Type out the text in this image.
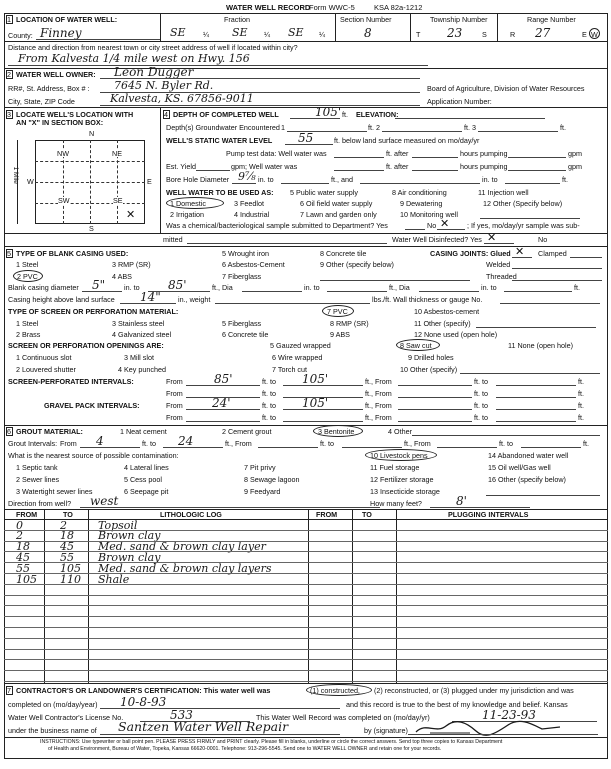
WATER WELL RECORD
Form WWC-5	KSA 82a-1212
1 LOCATION OF WATER WELL:
County: Finney
Fraction
SE ¼ SE ¼ SE ¼
Section Number
8
Township Number
T 23	S
Range Number
R 27	E W
Distance and direction from nearest town or city street address of well if located within city?
From Kalvesta 1/4 mile west on Hwy. 156
2 WATER WELL OWNER: Leon Dugger
RR#, St. Address, Box # : 7645 N. Byler Rd.
City, State, ZIP Code	Kalvesta, KS. 67856-9011
Board of Agriculture, Division of Water Resources
Application Number:
3 LOCATE WELL'S LOCATION WITH
AN "X" IN SECTION BOX:
N
S
W	E
1 Mile
NW	NE
SW	SE
✕
4 DEPTH OF COMPLETED WELL	105' ft. ELEVATION:
Depth(s) Groundwater Encountered 1	ft. 2	ft. 3	ft.
WELL'S STATIC WATER LEVEL 55	ft. below land surface measured on mo/day/yr
Pump test data: Well water was	ft. after	hours pumping	gpm
Est. Yield	gpm; Well water was	ft. after	hours pumping	gpm
Bore Hole Diameter 9⅞ in. to	ft., and	in. to	ft.
WELL WATER TO BE USED AS: 5 Public water supply	8 Air conditioning	11 Injection well
1 Domestic	3 Feedlot	6 Oil field water supply	9 Dewatering	12 Other (Specify below)
2 Irrigation	4 Industrial	7 Lawn and garden only	10 Monitoring well
Was a chemical/bacteriological sample submitted to Department? Yes	No ✕ ; If yes, mo/day/yr sample was sub-
mitted	Water Well Disinfected? Yes ✕	No
5 TYPE OF BLANK CASING USED:	5 Wrought iron	8 Concrete tile	CASING JOINTS: Glued ✕ Clamped
1 Steel	3 RMP (SR)	6 Asbestos-Cement	9 Other (specify below)	Welded
2 PVC	4 ABS	7 Fiberglass	Threaded
Blank casing diameter 5"	in. to 85'	ft., Dia	in. to	ft., Dia	in. to	ft.
Casing height above land surface 14" in., weight	lbs./ft. Wall thickness or gauge No.
TYPE OF SCREEN OR PERFORATION MATERIAL:	7 PVC	10 Asbestos-cement
1 Steel	3 Stainless steel	5 Fiberglass	8 RMP (SR)	11 Other (specify)
2 Brass	4 Galvanized steel	6 Concrete tile	9 ABS	12 None used (open hole)
SCREEN OR PERFORATION OPENINGS ARE:	5 Gauzed wrapped	8 Saw cut	11 None (open hole)
1 Continuous slot	3 Mill slot	6 Wire wrapped	9 Drilled holes
2 Louvered shutter	4 Key punched	7 Torch cut	10 Other (specify)
SCREEN-PERFORATED INTERVALS:	From	85'	ft. to 105'	ft., From	ft. to	ft.
From	ft. to	ft., From	ft. to	ft.
GRAVEL PACK INTERVALS:	From 24'	ft. to 105'	ft., From	ft. to	ft.
From	ft. to	ft., From	ft. to	ft.
6 GROUT MATERIAL:	1 Neat cement	2 Cement grout	3 Bentonite	4 Other
Grout Intervals: From 4	ft. to 24	ft., From	ft. to	ft., From	ft. to	ft.
What is the nearest source of possible contamination:	10 Livestock pens	14 Abandoned water well
1 Septic tank	4 Lateral lines	7 Pit privy	11 Fuel storage	15 Oil well/Gas well
2 Sewer lines	5 Cess pool	8 Sewage lagoon	12 Fertilizer storage	16 Other (specify below)
3 Watertight sewer lines	6 Seepage pit	9 Feedyard	13 Insecticide storage
Direction from well? west	How many feet?	8'
FROM	TO	LITHOLOGIC LOG	FROM	TO	PLUGGING INTERVALS
0	2	Topsoil
2	18 Brown clay
18	45 Med. sand & brown clay layer
45	55 Brown clay
55	105 Med. sand & brown clay layers
105 110 Shale
7 CONTRACTOR'S OR LANDOWNER'S CERTIFICATION: This water well was	(1) constructed, (2) reconstructed, or (3) plugged under my jurisdiction and was
completed on (mo/day/year) 10-8-93	and this record is true to the best of my knowledge and belief. Kansas
Water Well Contractor's License No.	533	This Water Well Record was completed on (mo/day/yr)	11-23-93
under the business name of Santzen Water Well Repair	by (signature)
INSTRUCTIONS: Use typewriter or ball point pen. PLEASE PRESS FIRMLY and PRINT clearly. Please fill in blanks, underline or circle the correct answers. Send top three copies to Kansas Department
of Health and Environment, Bureau of Water, Topeka, Kansas 66620-0001. Telephone: 913-296-5545. Send one to WATER WELL OWNER and retain one for your records.
